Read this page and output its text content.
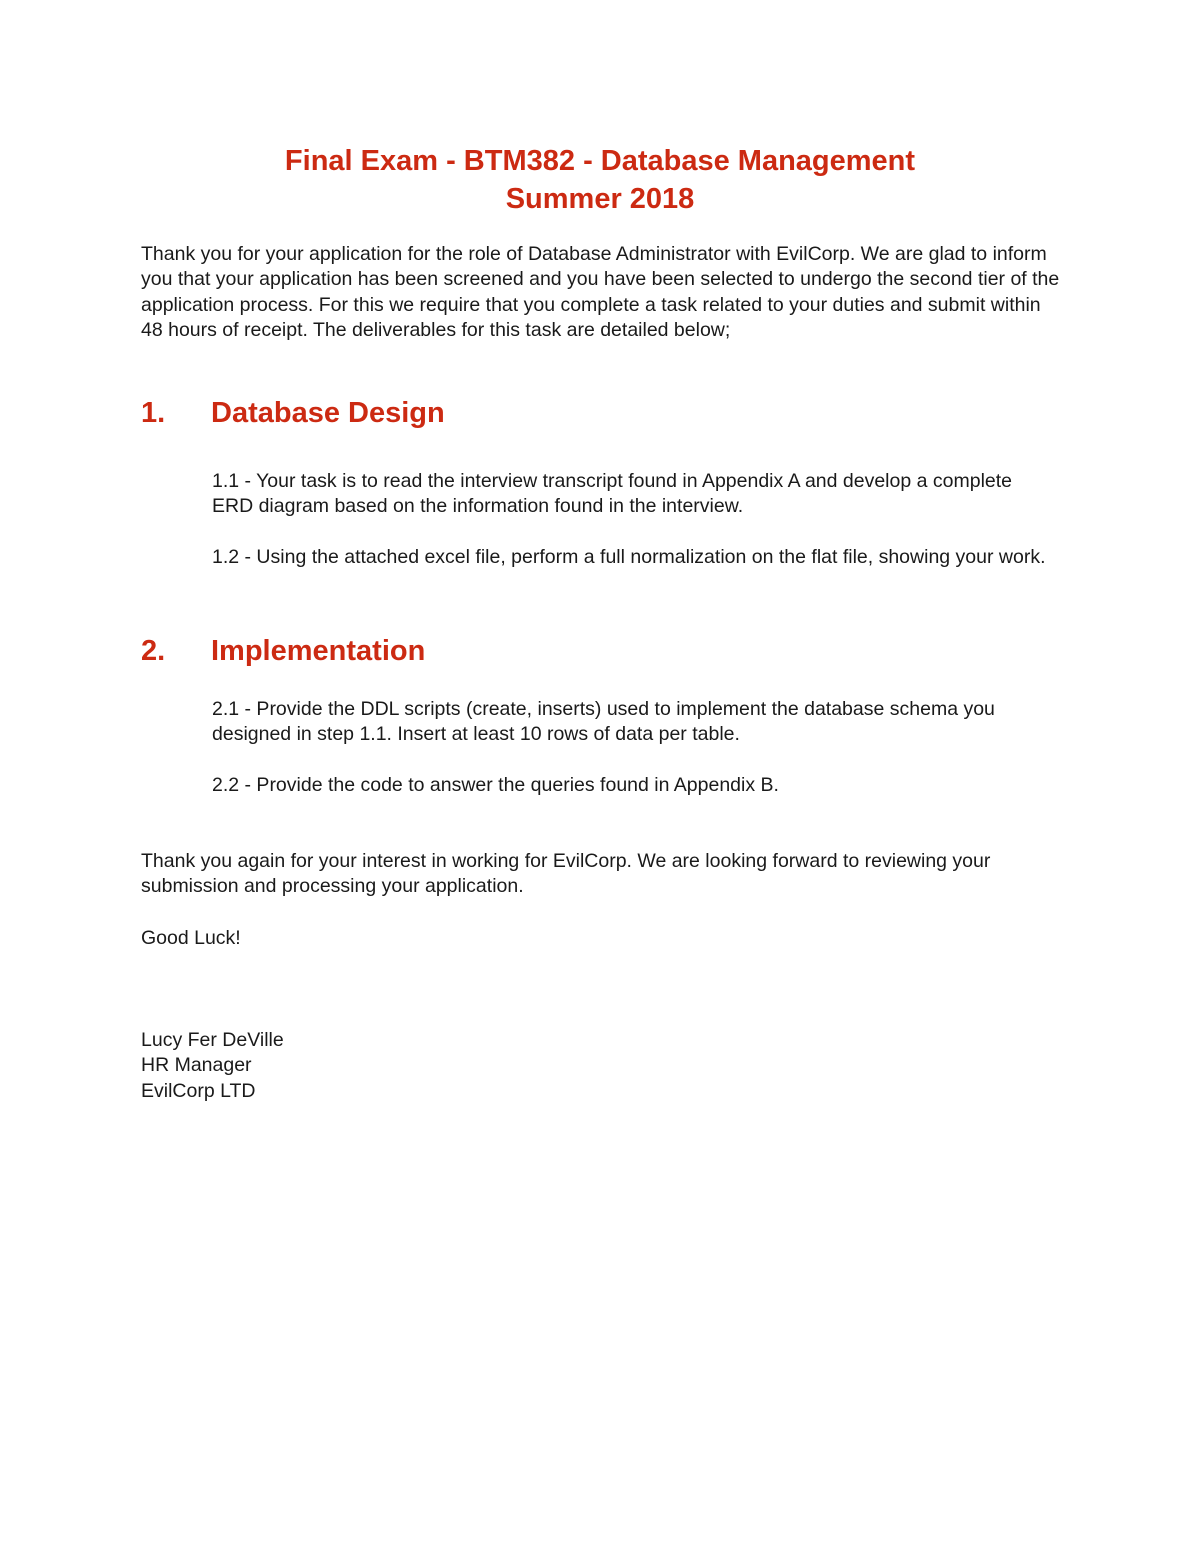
Final Exam - BTM382 - Database Management
Summer 2018

Thank you for your application for the role of Database Administrator with EvilCorp. We are glad to inform you that your application has been screened and you have been selected to undergo the second tier of the application process. For this we require that you complete a task related to your duties and submit within 48 hours of receipt. The deliverables for this task are detailed below;

1. Database Design

1.1 - Your task is to read the interview transcript found in Appendix A and develop a complete ERD diagram based on the information found in the interview.

1.2 - Using the attached excel file, perform a full normalization on the flat file, showing your work.

2. Implementation

2.1 - Provide the DDL scripts (create, inserts) used to implement the database schema you designed in step 1.1. Insert at least 10 rows of data per table.

2.2 - Provide the code to answer the queries found in Appendix B.

Thank you again for your interest in working for EvilCorp. We are looking forward to reviewing your submission and processing your application.

Good Luck!

Lucy Fer DeVille
HR Manager
EvilCorp LTD
